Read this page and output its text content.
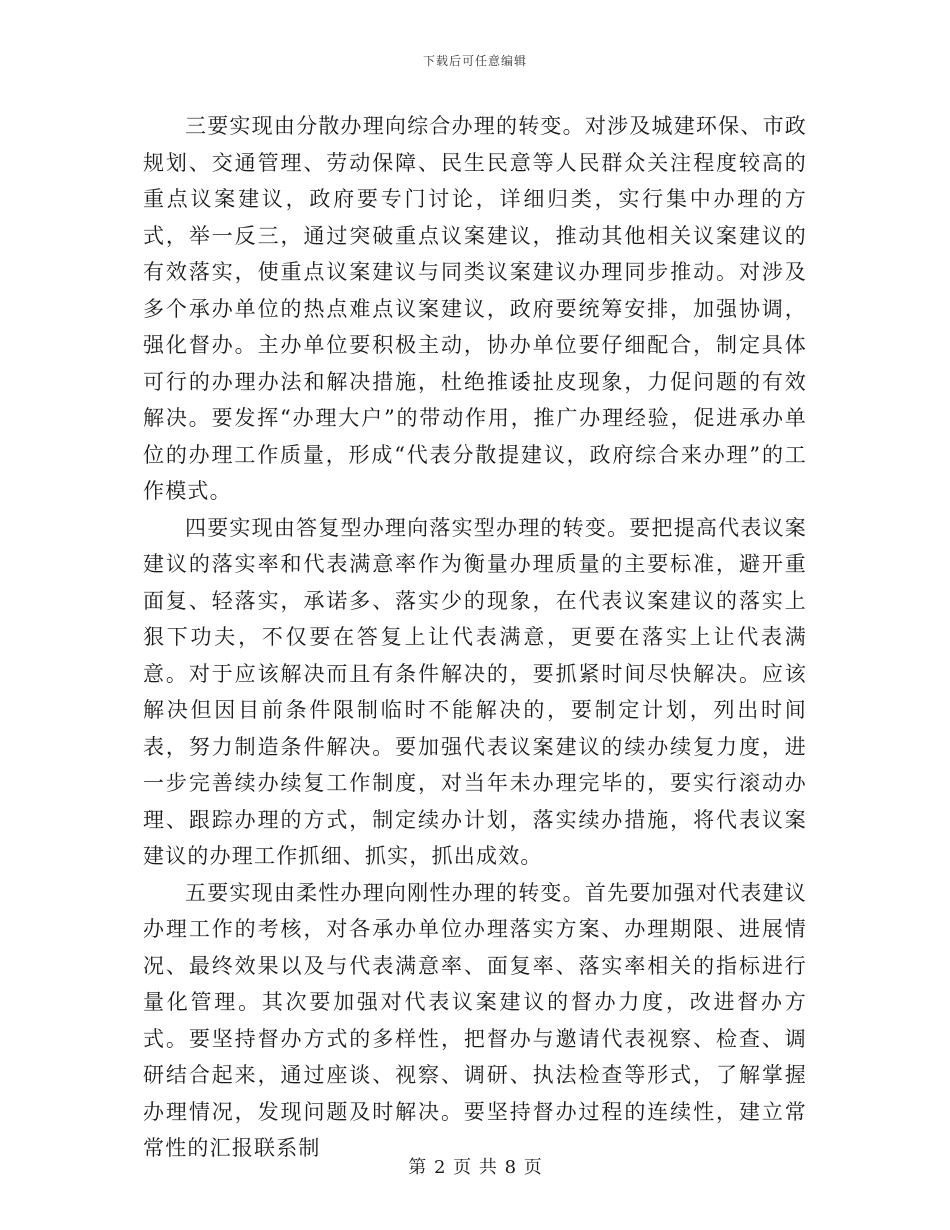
下载后可任意编辑

三要实现由分散办理向综合办理的转变。对涉及城建环保、市政规划、交通管理、劳动保障、民生民意等人民群众关注程度较高的重点议案建议，政府要专门讨论，详细归类，实行集中办理的方式，举一反三，通过突破重点议案建议，推动其他相关议案建议的有效落实，使重点议案建议与同类议案建议办理同步推动。对涉及多个承办单位的热点难点议案建议，政府要统筹安排，加强协调，强化督办。主办单位要积极主动，协办单位要仔细配合，制定具体可行的办理办法和解决措施，杜绝推诿扯皮现象，力促问题的有效解决。要发挥“办理大户”的带动作用，推广办理经验，促进承办单位的办理工作质量，形成“代表分散提建议，政府综合来办理”的工作模式。

四要实现由答复型办理向落实型办理的转变。要把提高代表议案建议的落实率和代表满意率作为衡量办理质量的主要标准，避开重面复、轻落实，承诺多、落实少的现象，在代表议案建议的落实上狠下功夫，不仅要在答复上让代表满意，更要在落实上让代表满意。对于应该解决而且有条件解决的，要抓紧时间尽快解决。应该解决但因目前条件限制临时不能解决的，要制定计划，列出时间表，努力制造条件解决。要加强代表议案建议的续办续复力度，进一步完善续办续复工作制度，对当年未办理完毕的，要实行滚动办理、跟踪办理的方式，制定续办计划，落实续办措施，将代表议案建议的办理工作抓细、抓实，抓出成效。

五要实现由柔性办理向刚性办理的转变。首先要加强对代表建议办理工作的考核，对各承办单位办理落实方案、办理期限、进展情况、最终效果以及与代表满意率、面复率、落实率相关的指标进行量化管理。其次要加强对代表议案建议的督办力度，改进督办方式。要坚持督办方式的多样性，把督办与邀请代表视察、检查、调研结合起来，通过座谈、视察、调研、执法检查等形式，了解掌握办理情况，发现问题及时解决。要坚持督办过程的连续性，建立常常性的汇报联系制

第 2 页 共 8 页
